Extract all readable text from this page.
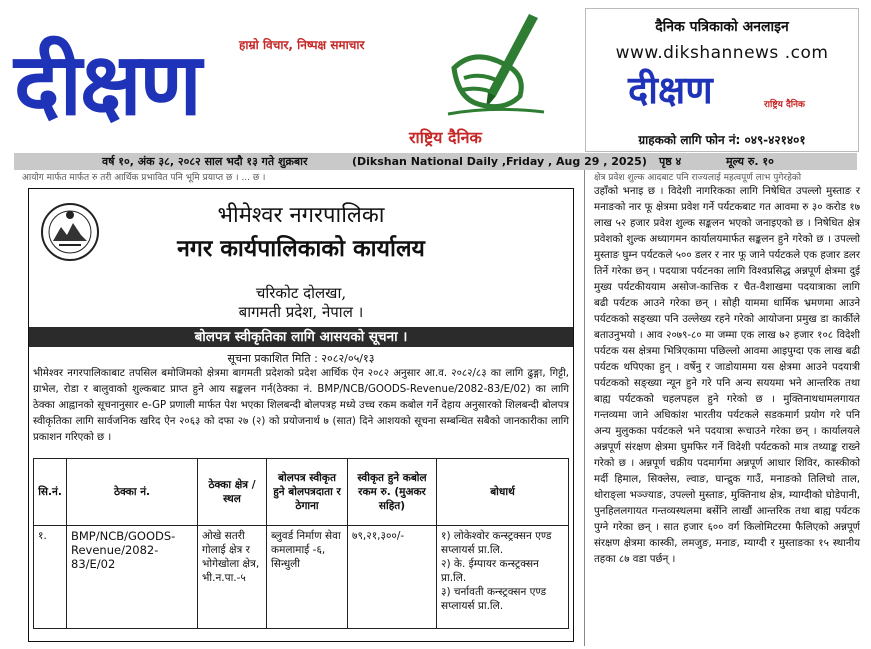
हाम्रो विचार, निष्पक्ष समाचार
दीक्षण
राष्ट्रिय दैनिक
दैनिक पत्रिकाको अनलाइन
www.dikshannews .com
दीक्षण	राष्ट्रिय दैनिक
ग्राहकको लागि फोन नं: ०४९-४२१४०१
वर्ष १०, अंक ३८, २०८२ साल भदौ १३ गते शुक्रबार	(Dikshan National Daily ,Friday , Aug 29 , 2025) पृष्ठ ४	मूल्य रु. १०
आयोग मार्फत मार्फत रु तरी आर्थिक प्रभावित पनि भूमि प्रयाप्त छ । ... छ ।
भीमेश्वर नगरपालिका
नगर कार्यपालिकाको कार्यालय
चरिकोट दोलखा,
बागमती प्रदेश, नेपाल ।
बोलपत्र स्वीकृतिका लागि आसयको सूचना ।
सूचना प्रकाशित मिति : २०८२/०५/१३
भीमेश्वर नगरपालिकाबाट तपसिल बमोजिमको क्षेत्रमा बागमती प्रदेशको प्रदेश आर्थिक ऐन २०८२ अनुसार आ.व. २०८२/८३ का लागि ढुङ्गा, गिट्टी, ग्राभेल, रोडा र बालुवाको शुल्कबाट प्राप्त हुने आय सङ्कलन गर्न(ठेक्का नं. BMP/NCB/GOODS-Revenue/2082-83/E/02) का लागि ठेक्का आह्वानको सूचनानुसार e-GP प्रणाली मार्फत पेश भएका शिलबन्दी बोलपत्रह मध्ये उच्च रकम कबोल गर्ने देहाय अनुसारको शिलबन्दी बोलपत्र स्वीकृतिका लागि सार्वजनिक खरिद ऐन २०६३ को दफा २७ (२) को प्रयोजनार्थ ७ (सात) दिने आशयको सूचना सम्बन्धित सबैको जानकारीका लागि प्रकाशन गरिएको छ ।
सि.नं.	ठेक्का नं.	ठेक्का क्षेत्र / स्थल	बोलपत्र स्वीकृत हुने बोलपत्रदाता र ठेगाना	स्वीकृत हुने कबोल रकम रु. (मुअकर सहित)	बोधार्थ
१.	BMP/NCB/GOODS-Revenue/2082-83/E/02	ओखे सतरी गोलाई क्षेत्र र भोगेखोला क्षेत्र, भी.न.पा.-५	ब्लुवर्ड निर्माण सेवा कमलामाई -६, सिन्धुली	७९,२१,३००/-	१) लोकेश्वोर कन्स्ट्रक्सन एण्ड सप्लायर्स प्रा.लि.
२) के. ईम्पायर कन्स्ट्रक्सन प्रा.लि.
३) चर्नावती कन्स्ट्रक्सन एण्ड सप्लायर्स प्रा.लि.
क्षेत्र प्रवेश शुल्क आदबाट पनि राज्यलाई महत्वपूर्ण लाभ पुगेरहेको
उहाँको भनाइ छ । विदेशी नागरिकका लागि निषेधित उपल्लो मुस्ताङ र मनाङको नार फू क्षेत्रमा प्रवेश गर्ने पर्यटकबाट गत आवमा रु ३० करोड १७ लाख ५२ हजार प्रवेश शुल्क सङ्कलन भएको जनाइएको छ । निषेधित क्षेत्र प्रवेशको शुल्क अध्यागमन कार्यालयमार्फत सङ्कलन हुने गरेको छ । उपल्लो मुस्ताङ घुम्न पर्यटकले ५०० डलर र नार फू जाने पर्यटकले एक हजार डलर तिर्ने गरेका छन् । पदयात्रा पर्यटनका लागि विश्वप्रसिद्ध अन्नपूर्ण क्षेत्रमा दुई मुख्य पर्यटकीययाम असोज-कात्तिक र चैत-वैशाखमा पदयात्राका लागि बढी पर्यटक आउने गरेका छन् । सोही याममा धार्मिक भ्रमणमा आउने पर्यटकको सङ्ख्या पनि उल्लेख्य रहने गरेको आयोजना प्रमुख डा कार्कीले बताउनुभयो । आव २०७९-८० मा जम्मा एक लाख ७२ हजार १०८ विदेशी पर्यटक यस क्षेत्रमा भित्रिएकामा पछिल्लो आवमा आइपुग्दा एक लाख बढी पर्यटक थपिएका हुन् । वर्षेनु र जाडोयाममा यस क्षेत्रमा आउने पदयात्री पर्यटकको सङ्ख्या न्यून हुने गरे पनि अन्य सययमा भने आन्तरिक तथा बाह्य पर्यटकको चहलपहल हुने गरेको छ । मुक्तिनाथधामलगायत गन्तव्यमा जाने अधिकांश भारतीय पर्यटकले सडकमार्ग प्रयोग गरे पनि अन्य मुलुकका पर्यटकले भने पदयात्रा रूचाउने गरेका छन् । कार्यालयले अन्नपूर्ण संरक्षण क्षेत्रमा घुमफिर गर्ने विदेशी पर्यटकको मात्र तथ्याङ्क राख्ने गरेको छ । अन्नपूर्ण चक्रीय पदमार्गमा अन्नपूर्ण आधार शिविर, कास्कीको मर्दी हिमाल, सिक्लेस, ल्वाङ, घान्द्रुक गाउँ, मनाङको तिलिचो ताल, थोराङ्ला भञ्ज्याङ, उपल्लो मुस्ताङ, मुक्तिनाथ क्षेत्र, म्याग्दीको घोडेपानी, पुनहिललगायत गन्तव्यस्थलमा बर्सेनि लाखौं आन्तरिक तथा बाह्य पर्यटक पुग्ने गरेका छन् । सात हजार ६०० वर्ग किलोमिटरमा फैलिएको अन्नपूर्ण संरक्षण क्षेत्रमा कास्की, लमजुङ, मनाङ, म्याग्दी र मुस्ताङका १५ स्थानीय तहका ८७ वडा पर्छन् ।
